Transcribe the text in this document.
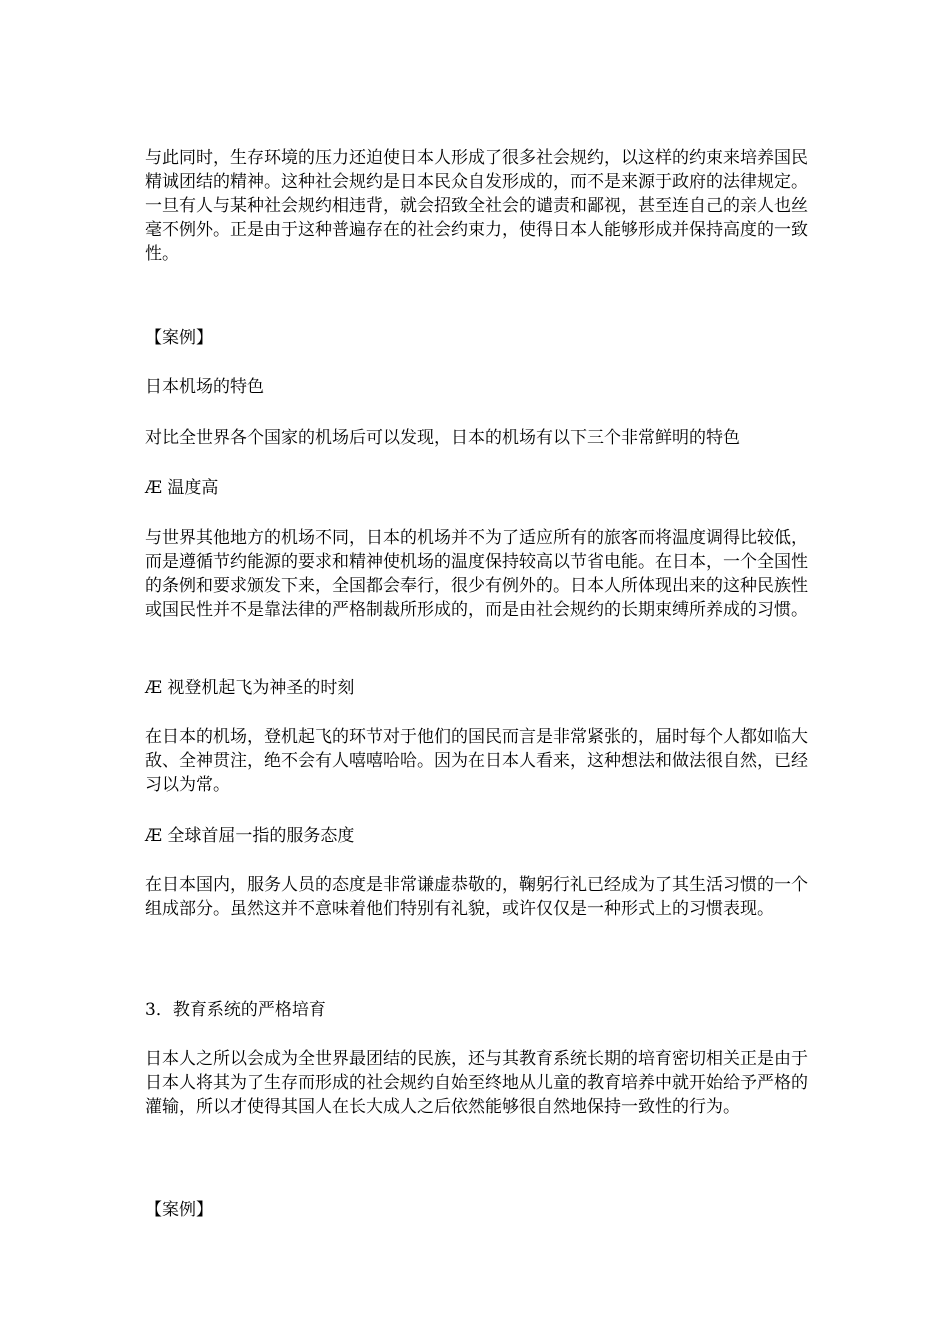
与此同时，生存环境的压力还迫使日本人形成了很多社会规约，以这样的约束来培养国民精诚团结的精神。这种社会规约是日本民众自发形成的，而不是来源于政府的法律规定。一旦有人与某种社会规约相违背，就会招致全社会的谴责和鄙视，甚至连自己的亲人也丝毫不例外。正是由于这种普遍存在的社会约束力，使得日本人能够形成并保持高度的一致性。

【案例】

日本机场的特色

对比全世界各个国家的机场后可以发现，日本的机场有以下三个非常鲜明的特色

Æ 温度高

与世界其他地方的机场不同，日本的机场并不为了适应所有的旅客而将温度调得比较低，而是遵循节约能源的要求和精神使机场的温度保持较高以节省电能。在日本，一个全国性的条例和要求颁发下来，全国都会奉行，很少有例外的。日本人所体现出来的这种民族性或国民性并不是靠法律的严格制裁所形成的，而是由社会规约的长期束缚所养成的习惯。

Æ 视登机起飞为神圣的时刻

在日本的机场，登机起飞的环节对于他们的国民而言是非常紧张的，届时每个人都如临大敌、全神贯注，绝不会有人嘻嘻哈哈。因为在日本人看来，这种想法和做法很自然，已经习以为常。

Æ 全球首屈一指的服务态度

在日本国内，服务人员的态度是非常谦虚恭敬的，鞠躬行礼已经成为了其生活习惯的一个组成部分。虽然这并不意味着他们特别有礼貌，或许仅仅是一种形式上的习惯表现。

3．教育系统的严格培育

日本人之所以会成为全世界最团结的民族，还与其教育系统长期的培育密切相关正是由于日本人将其为了生存而形成的社会规约自始至终地从儿童的教育培养中就开始给予严格的灌输，所以才使得其国人在长大成人之后依然能够很自然地保持一致性的行为。

【案例】
